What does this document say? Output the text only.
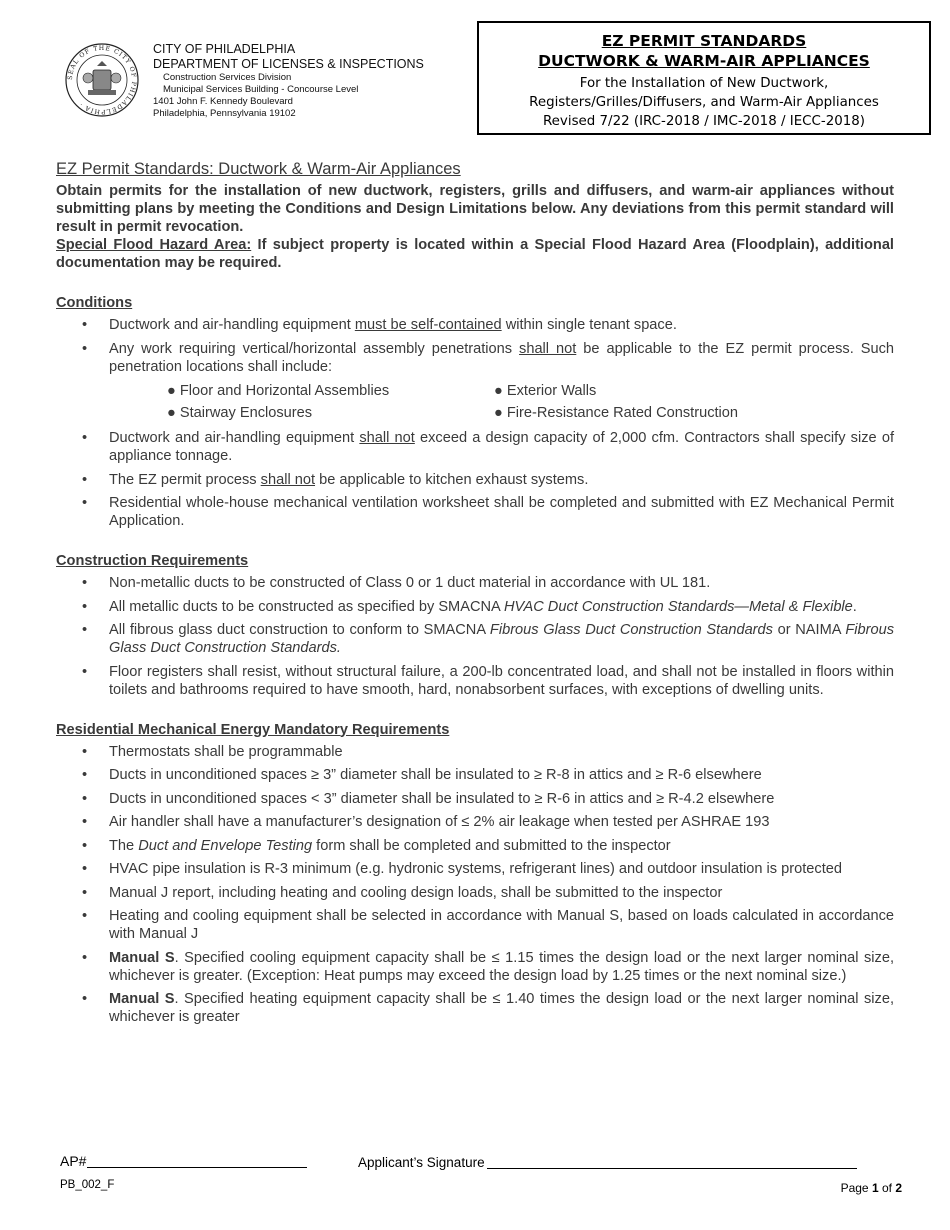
SEAL OF THE CITY OF PHILADELPHIA ·
CITY OF PHILADELPHIA
DEPARTMENT OF LICENSES & INSPECTIONS
Construction Services Division
Municipal Services Building - Concourse Level
1401 John F. Kennedy Boulevard
Philadelphia, Pennsylvania 19102
EZ PERMIT STANDARDS
DUCTWORK & WARM-AIR APPLIANCES
For the Installation of New Ductwork,
Registers/Grilles/Diffusers, and Warm-Air Appliances
Revised 7/22 (IRC-2018 / IMC-2018 / IECC-2018)
EZ Permit Standards: Ductwork & Warm-Air Appliances

Obtain permits for the installation of new ductwork, registers, grills and diffusers, and warm-air appliances without submitting plans by meeting the Conditions and Design Limitations below. Any deviations from this permit standard will result in permit revocation.

Special Flood Hazard Area: If subject property is located within a Special Flood Hazard Area (Floodplain), additional documentation may be required.

Conditions
• Ductwork and air-handling equipment must be self-contained within single tenant space.
• Any work requiring vertical/horizontal assembly penetrations shall not be applicable to the EZ permit process. Such penetration locations shall include:
● Floor and Horizontal Assemblies	● Exterior Walls
● Stairway Enclosures	● Fire-Resistance Rated Construction
• Ductwork and air-handling equipment shall not exceed a design capacity of 2,000 cfm. Contractors shall specify size of appliance tonnage.
• The EZ permit process shall not be applicable to kitchen exhaust systems.
• Residential whole-house mechanical ventilation worksheet shall be completed and submitted with EZ Mechanical Permit Application.
Construction Requirements
• Non-metallic ducts to be constructed of Class 0 or 1 duct material in accordance with UL 181.
• All metallic ducts to be constructed as specified by SMACNA HVAC Duct Construction Standards—Metal & Flexible.
• All fibrous glass duct construction to conform to SMACNA Fibrous Glass Duct Construction Standards or NAIMA Fibrous Glass Duct Construction Standards.
• Floor registers shall resist, without structural failure, a 200-lb concentrated load, and shall not be installed in floors within toilets and bathrooms required to have smooth, hard, nonabsorbent surfaces, with exceptions of dwelling units.
Residential Mechanical Energy Mandatory Requirements
• Thermostats shall be programmable
• Ducts in unconditioned spaces ≥ 3” diameter shall be insulated to ≥ R-8 in attics and ≥ R-6 elsewhere
• Ducts in unconditioned spaces < 3” diameter shall be insulated to ≥ R-6 in attics and ≥ R-4.2 elsewhere
• Air handler shall have a manufacturer’s designation of ≤ 2% air leakage when tested per ASHRAE 193
• The Duct and Envelope Testing form shall be completed and submitted to the inspector
• HVAC pipe insulation is R-3 minimum (e.g. hydronic systems, refrigerant lines) and outdoor insulation is protected
• Manual J report, including heating and cooling design loads, shall be submitted to the inspector
• Heating and cooling equipment shall be selected in accordance with Manual S, based on loads calculated in accordance with Manual J
• Manual S. Specified cooling equipment capacity shall be ≤ 1.15 times the design load or the next larger nominal size, whichever is greater. (Exception: Heat pumps may exceed the design load by 1.25 times or the next nominal size.)
• Manual S. Specified heating equipment capacity shall be ≤ 1.40 times the design load or the next larger nominal size, whichever is greater
AP#	Applicant’s Signature
PB_002_F	Page 1 of 2
